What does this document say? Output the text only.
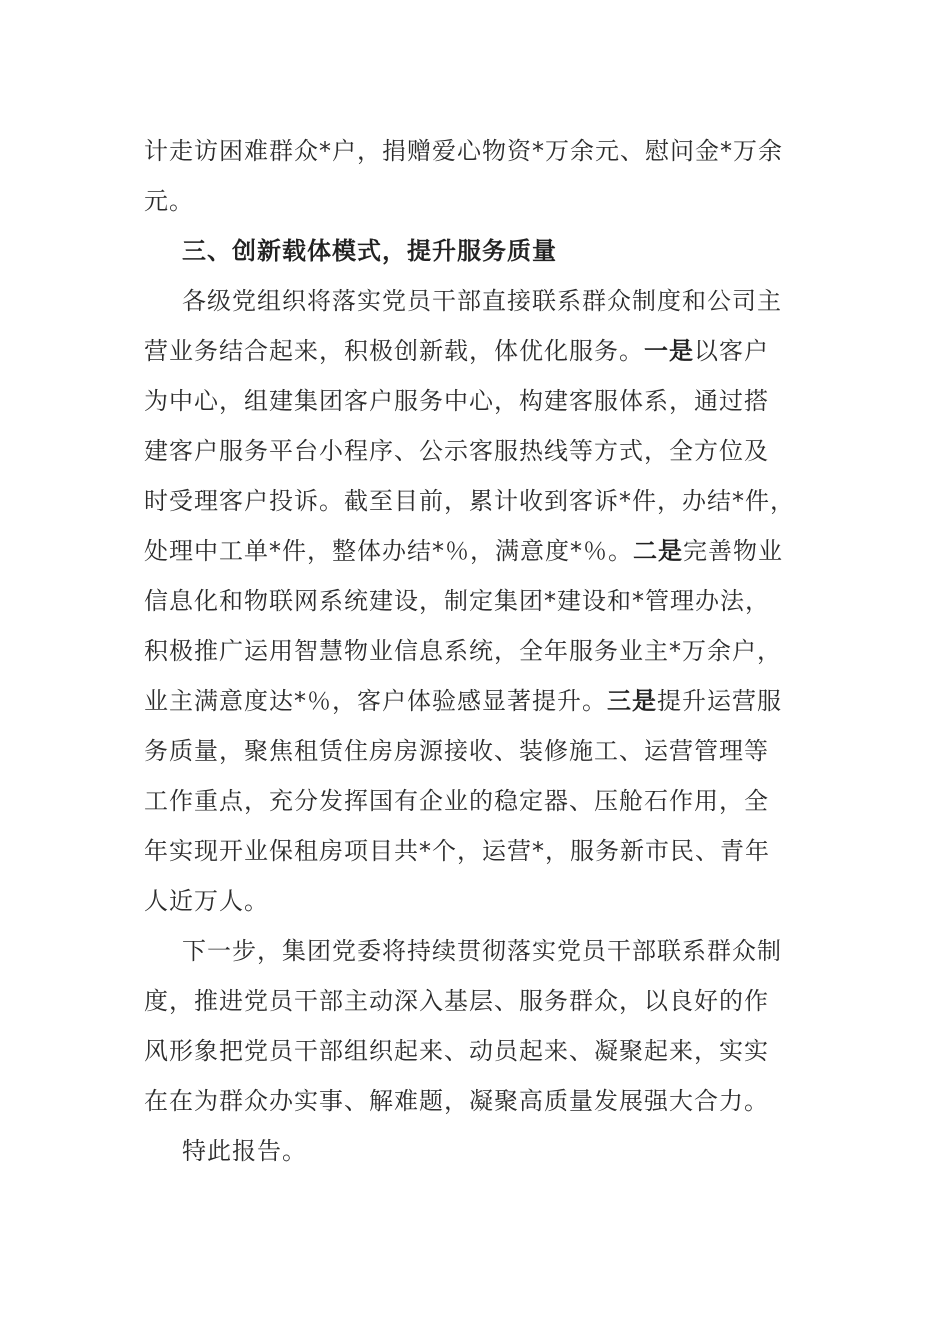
计走访困难群众*户，捐赠爱心物资*万余元、慰问金*万余
元。
三、创新载体模式，提升服务质量
各级党组织将落实党员干部直接联系群众制度和公司主
营业务结合起来，积极创新载，体优化服务。一是以客户
为中心，组建集团客户服务中心，构建客服体系，通过搭
建客户服务平台小程序、公示客服热线等方式，全方位及
时受理客户投诉。截至目前，累计收到客诉*件，办结*件，
处理中工单*件，整体办结*％，满意度*％。二是完善物业
信息化和物联网系统建设，制定集团*建设和*管理办法，
积极推广运用智慧物业信息系统，全年服务业主*万余户，
业主满意度达*％，客户体验感显著提升。三是提升运营服
务质量，聚焦租赁住房房源接收、装修施工、运营管理等
工作重点，充分发挥国有企业的稳定器、压舱石作用，全
年实现开业保租房项目共*个，运营*，服务新市民、青年
人近万人。
下一步，集团党委将持续贯彻落实党员干部联系群众制
度，推进党员干部主动深入基层、服务群众，以良好的作
风形象把党员干部组织起来、动员起来、凝聚起来，实实
在在为群众办实事、解难题，凝聚高质量发展强大合力。
特此报告。
